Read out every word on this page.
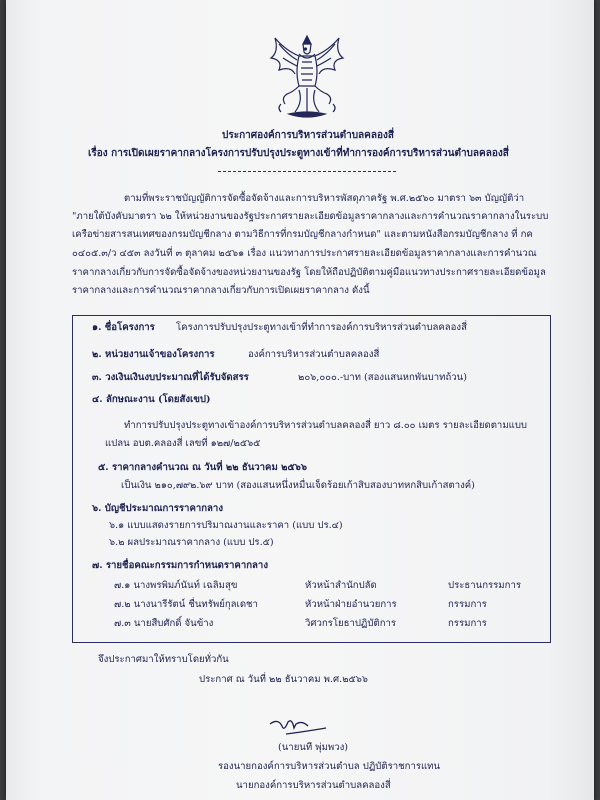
ประกาศองค์การบริหารส่วนตำบลคลองสี่
เรื่อง การเปิดเผยราคากลางโครงการปรับปรุงประตูทางเข้าที่ทำการองค์การบริหารส่วนตำบลคลองสี่
ตามที่พระราชบัญญัติการจัดซื้อจัดจ้างและการบริหารพัสดุภาครัฐ พ.ศ.๒๕๖๐ มาตรา ๖๓ บัญญัติว่า
"ภายใต้บังคับมาตรา ๖๒ ให้หน่วยงานของรัฐประกาศรายละเอียดข้อมูลราคากลางและการคำนวณราคากลางในระบบ
เครือข่ายสารสนเทศของกรมบัญชีกลาง ตามวิธีการที่กรมบัญชีกลางกำหนด" และตามหนังสือกรมบัญชีกลาง ที่ กค
๐๔๐๕.๓/ว ๔๕๓ ลงวันที่ ๓ ตุลาคม ๒๕๖๑ เรื่อง แนวทางการประกาศรายละเอียดข้อมูลราคากลางและการคำนวณ
ราคากลางเกี่ยวกับการจัดซื้อจัดจ้างของหน่วยงานของรัฐ โดยให้ถือปฏิบัติตามคู่มือแนวทางประกาศรายละเอียดข้อมูล
ราคากลางและการคำนวณราคากลางเกี่ยวกับการเปิดเผยราคากลาง ดังนี้
๑. ชื่อโครงการ โครงการปรับปรุงประตูทางเข้าที่ทำการองค์การบริหารส่วนตำบลคลองสี่
๒. หน่วยงานเจ้าของโครงการ	องค์การบริหารส่วนตำบลคลองสี่
๓. วงเงินเงินงบประมาณที่ได้รับจัดสรร	๒๐๖,๐๐๐.-บาท (สองแสนหกพันบาทถ้วน)
๔. ลักษณะงาน (โดยสังเขป)
ทำการปรับปรุงประตูทางเข้าองค์การบริหารส่วนตำบลคลองสี่ ยาว ๘.๐๐ เมตร รายละเอียดตามแบบ
แปลน อบต.คลองสี่ เลขที่ ๑๒๗/๒๕๖๕
๕. ราคากลางคำนวณ ณ วันที่ ๒๒ ธันวาคม ๒๕๖๖
เป็นเงิน ๒๑๐,๗๙๒.๖๙ บาท (สองแสนหนึ่งหมื่นเจ็ดร้อยเก้าสิบสองบาทหกสิบเก้าสตางค์)
๖. บัญชีประมาณการราคากลาง
๖.๑ แบบแสดงรายการปริมาณงานและราคา (แบบ ปร.๔)
๖.๒ ผลประมาณราคากลาง (แบบ ปร.๕)
๗. รายชื่อคณะกรรมการกำหนดราคากลาง
๗.๑ นางพรพิมภ์นันท์ เฉลิมสุข	หัวหน้าสำนักปลัด	ประธานกรรมการ
๗.๒ นางนารีรัตน์ ชื่นทรัพย์กุลเดชา	หัวหน้าฝ่ายอำนวยการ	กรรมการ
๗.๓ นายสืบศักดิ์ จันข้าง	วิศวกรโยธาปฏิบัติการ	กรรมการ
จึงประกาศมาให้ทราบโดยทั่วกัน
ประกาศ ณ วันที่ ๒๒ ธันวาคม พ.ศ.๒๕๖๖
(นายนที พุ่มพวง)
รองนายกองค์การบริหารส่วนตำบล ปฏิบัติราชการแทน
นายกองค์การบริหารส่วนตำบลคลองสี่
